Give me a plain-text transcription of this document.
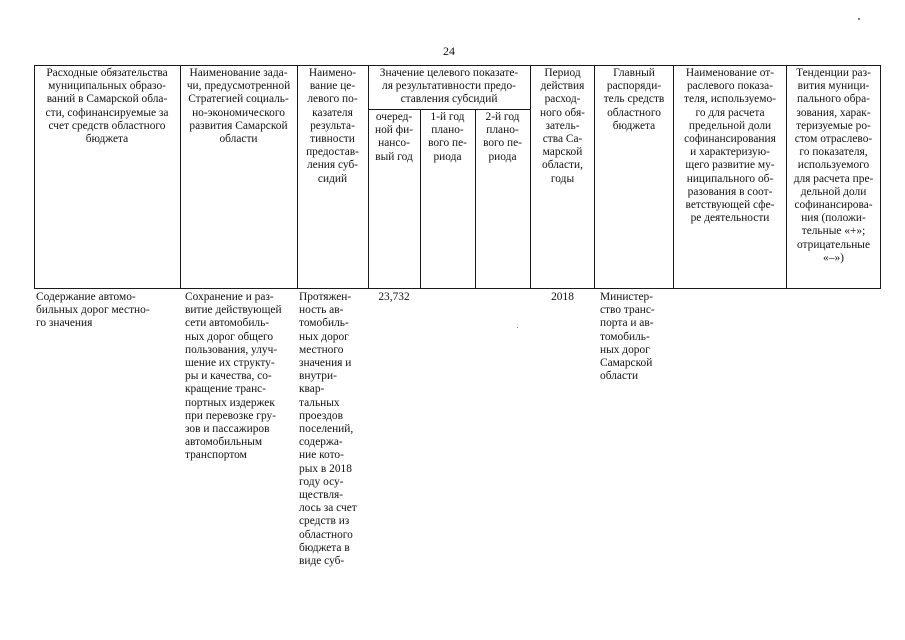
24
Расходные обязательства
муниципальных образо-
ваний в Самарской обла-
сти, софинансируемые за
счет средств областного
бюджета
Наименование зада-
чи, предусмотренной
Стратегией социаль-
но-экономического
развития Самарской
области
Наимено-
вание це-
левого по-
казателя
результа-
тивности
предостав-
ления суб-
сидий
Значение целевого показате-
ля результативности предо-
ставления субсидий
очеред-
ной фи-
нансо-
вый год
1-й год
плано-
вого пе-
риода
2-й год
плано-
вого пе-
риода
Период
действия
расход-
ного обя-
затель-
ства Са-
марской
области,
годы
Главный
распоряди-
тель средств
областного
бюджета
Наименование от-
раслевого показа-
теля, используемо-
го для расчета
предельной доли
софинансирования
и характеризую-
щего развитие му-
ниципального об-
разования в соот-
ветствующей сфе-
ре деятельности
Тенденции раз-
вития муници-
пального обра-
зования, харак-
теризуемые ро-
стом отраслево-
го показателя,
используемого
для расчета пре-
дельной доли
софинансирова-
ния (положи-
тельные «+»;
отрицательные
«–»)
Содержание автомо-
бильных дорог местно-
го значения
Сохранение и раз-
витие действующей
сети автомобиль-
ных дорог общего
пользования, улуч-
шение их структу-
ры и качества, со-
кращение транс-
портных издержек
при перевозке гру-
зов и пассажиров
автомобильным
транспортом
Протяжен-
ность ав-
томобиль-
ных дорог
местного
значения и
внутри-
квар-
тальных
проездов
поселений,
содержа-
ние кото-
рых в 2018
году осу-
ществля-
лось за счет
средств из
областного
бюджета в
виде суб-
23,732	2018	Министер-
ство транс-
порта и ав-
томобиль-
ных дорог
Самарской
области
